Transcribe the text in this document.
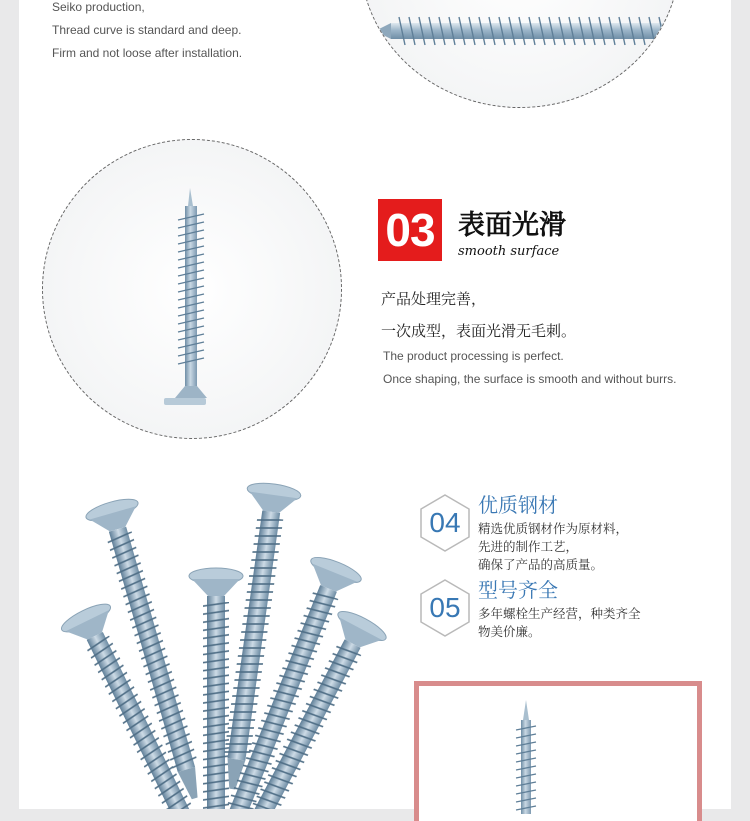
Seiko production,
Thread curve is standard and deep.
Firm and not loose after installation.
03 表面光滑
smooth surface
产品处理完善，
一次成型，表面光滑无毛刺。
The product processing is perfect.
Once shaping, the surface is smooth and without burrs.
04
优质钢材
精选优质钢材作为原材料，
先进的制作工艺，
确保了产品的高质量。
05
型号齐全
多年螺栓生产经营，种类齐全
物美价廉。
